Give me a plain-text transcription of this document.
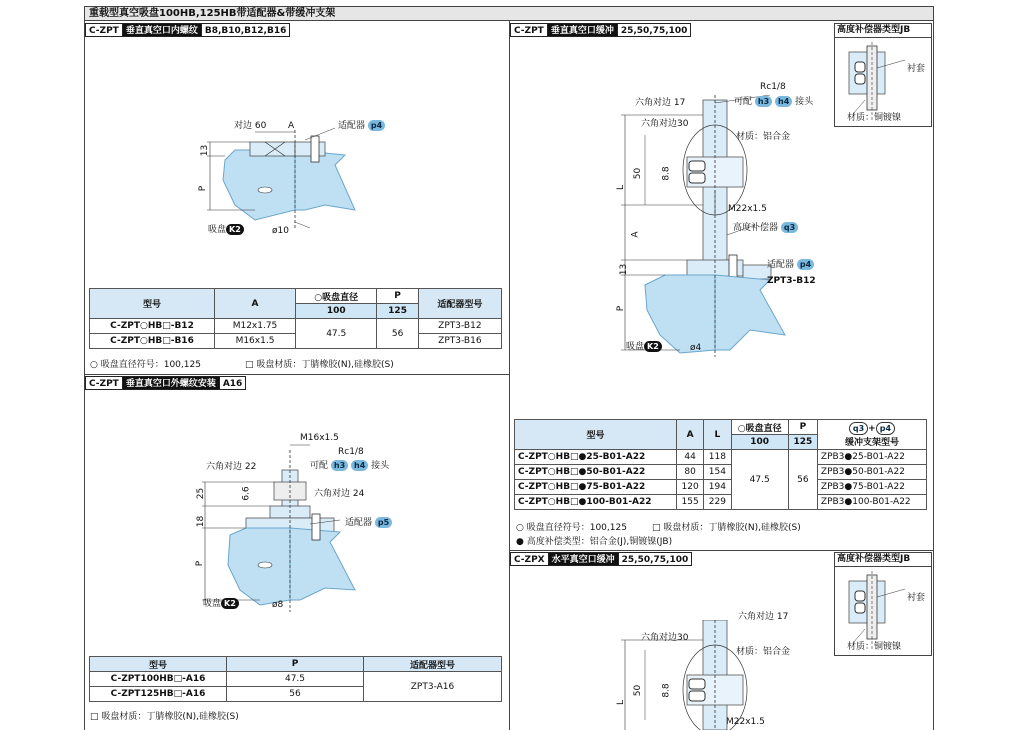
重载型真空吸盘100HB,125HB带适配器&带缓冲支架
C-ZPT 垂直真空口内螺纹 B8,B10,B12,B16
对边 60 A	适配器 p4
13
P
吸盘 K2	ø10
型号	A	○吸盘直径	P	适配器型号
		100	125	
C-ZPT○HB□-B12	M12x1.75	47.5	56	ZPT3-B12
C-ZPT○HB□-B16	M16x1.5			ZPT3-B16
○ 吸盘直径符号：100,125	□ 吸盘材质：丁腈橡胶(N),硅橡胶(S)
C-ZPT 垂直真空口外螺纹安装 A16
M16x1.5
Rc1/8
六角对边 22	可配 h3 h4 接头
25	6.6	六角对边 24
18	适配器 p5
P
吸盘 K2	ø8
型号	P	适配器型号
C-ZPT100HB□-A16	47.5	ZPT3-A16
C-ZPT125HB□-A16	56	
□ 吸盘材质：丁腈橡胶(N),硅橡胶(S)
C-ZPT 垂直真空口缓冲 25,50,75,100	高度补偿器类型JB
衬套
材质：铜镀镍
Rc1/8
六角对边 17	可配 h3 h4 接头
六角对边30
材质：铝合金
50 8.8
L
M22x1.5
A
高度补偿器 q3
13	适配器 p4
ZPT3-B12
P
吸盘 K2	ø4
型号	A	L	○吸盘直径	P	q3 + p4
缓冲支架型号

			100	125	
C-ZPT○HB□●25-B01-A22	44	118	47.5	56	ZPB3●25-B01-A22
C-ZPT○HB□●50-B01-A22	80	154			ZPB3●50-B01-A22
C-ZPT○HB□●75-B01-A22	120	194			ZPB3●75-B01-A22
C-ZPT○HB□●100-B01-A22	155	229			ZPB3●100-B01-A22
○ 吸盘直径符号：100,125	□ 吸盘材质：丁腈橡胶(N),硅橡胶(S)
● 高度补偿类型：铝合金(J),铜镀镍(JB)
C-ZPX 水平真空口缓冲 25,50,75,100	高度补偿器类型JB
衬套
材质：铜镀镍
六角对边 17
六角对边30
材质：铝合金
50 8.8
L
M22x1.5
